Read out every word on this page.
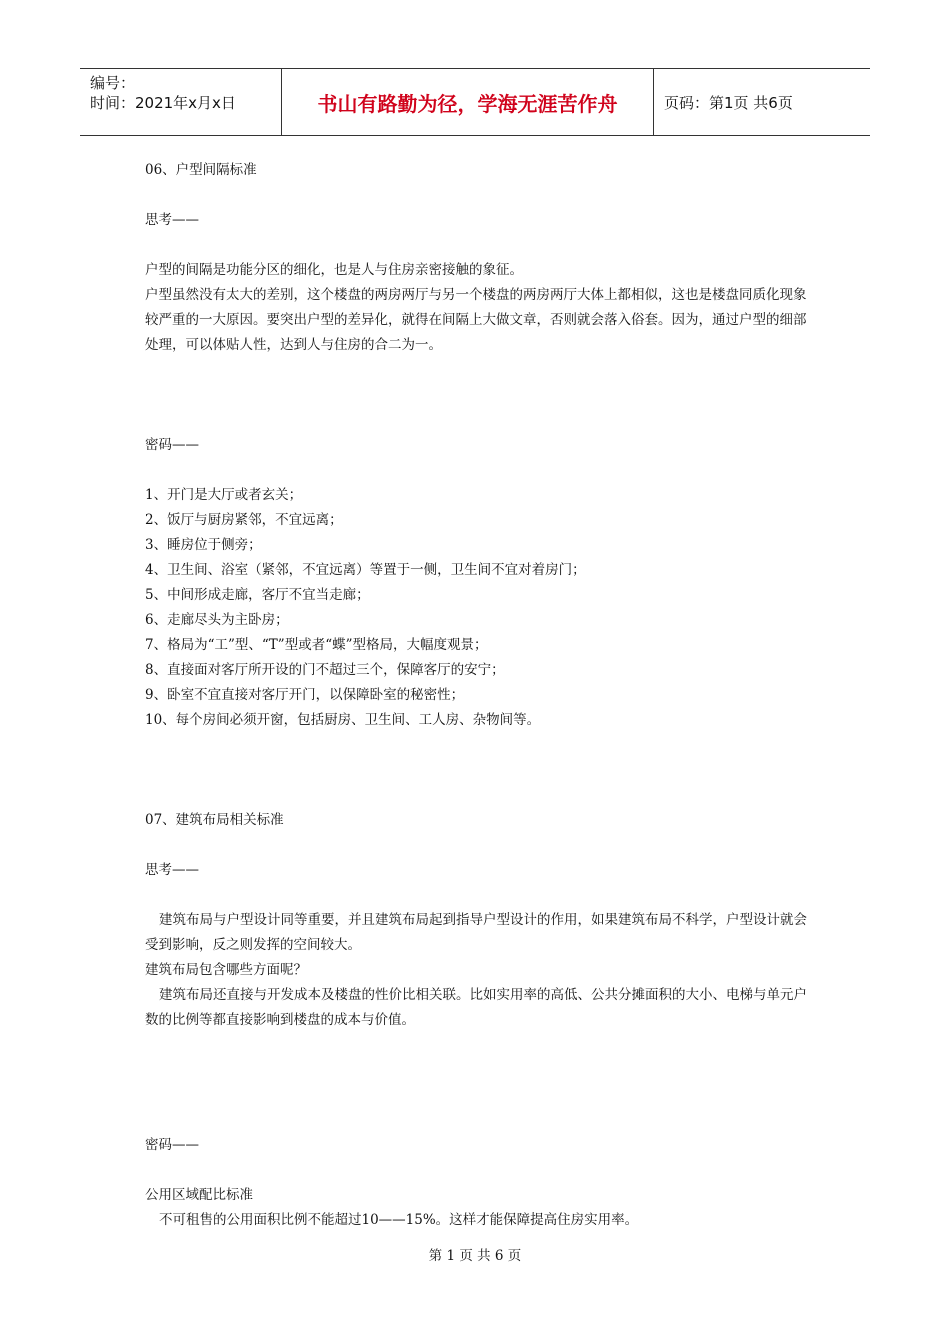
编号：
时间：2021年x月x日	书山有路勤为径，学海无涯苦作舟	页码：第1页 共6页

06、户型间隔标准

思考——

户型的间隔是功能分区的细化，也是人与住房亲密接触的象征。

户型虽然没有太大的差别，这个楼盘的两房两厅与另一个楼盘的两房两厅大体上都相似，这也是楼盘同质化现象较严重的一大原因。要突出户型的差异化，就得在间隔上大做文章，否则就会落入俗套。因为，通过户型的细部处理，可以体贴人性，达到人与住房的合二为一。

密码——

1、开门是大厅或者玄关；

2、饭厅与厨房紧邻，不宜远离；

3、睡房位于侧旁；

4、卫生间、浴室（紧邻，不宜远离）等置于一侧，卫生间不宜对着房门；

5、中间形成走廊，客厅不宜当走廊；

6、走廊尽头为主卧房；

7、格局为“工”型、“T”型或者“蝶”型格局，大幅度观景；

8、直接面对客厅所开设的门不超过三个，保障客厅的安宁；

9、卧室不宜直接对客厅开门，以保障卧室的秘密性；

10、每个房间必须开窗，包括厨房、卫生间、工人房、杂物间等。

07、建筑布局相关标准

思考——

建筑布局与户型设计同等重要，并且建筑布局起到指导户型设计的作用，如果建筑布局不科学，户型设计就会受到影响，反之则发挥的空间较大。

建筑布局包含哪些方面呢？

建筑布局还直接与开发成本及楼盘的性价比相关联。比如实用率的高低、公共分摊面积的大小、电梯与单元户数的比例等都直接影响到楼盘的成本与价值。

密码——

公用区域配比标准

不可租售的公用面积比例不能超过10——15%。这样才能保障提高住房实用率。

第 1 页 共 6 页
